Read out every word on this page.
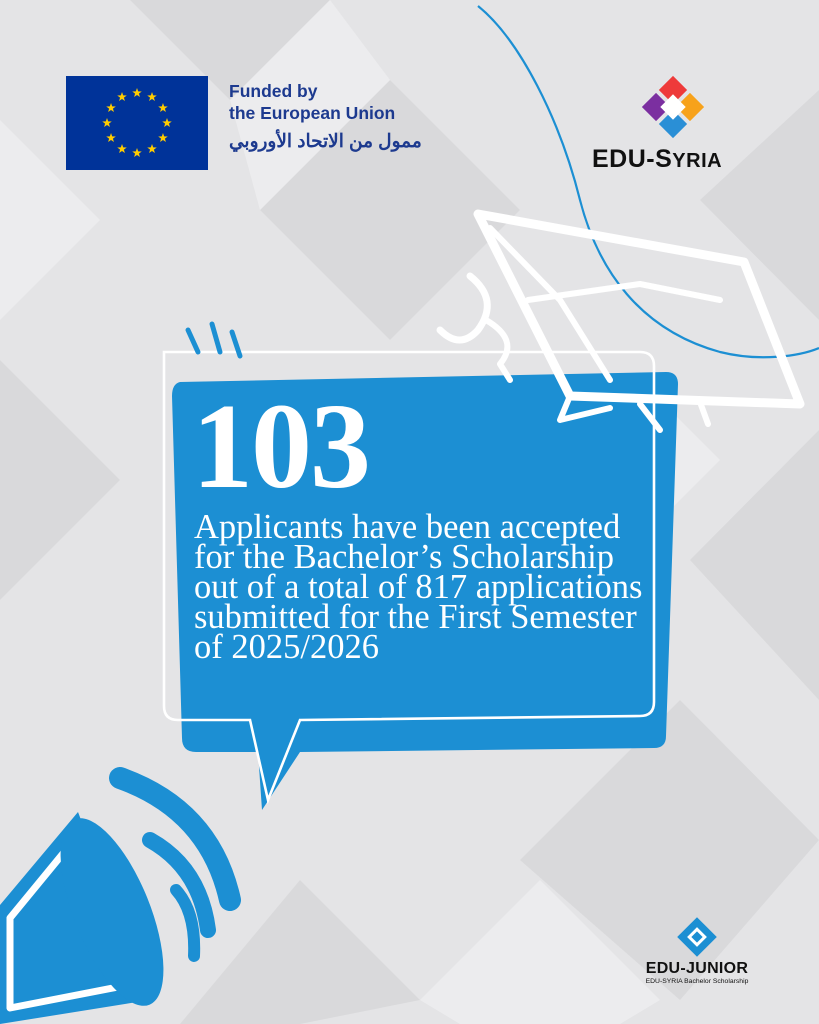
Funded by
the European Union
ممول من الاتحاد الأوروبي
EDU-SYRIA
103

Applicants have been accepted for the Bachelor’s Scholarship out of a total of 817 applications submitted for the First Semester of 2025/2026

EDU-JUNIOR
EDU-SYRIA Bachelor Scholarship
